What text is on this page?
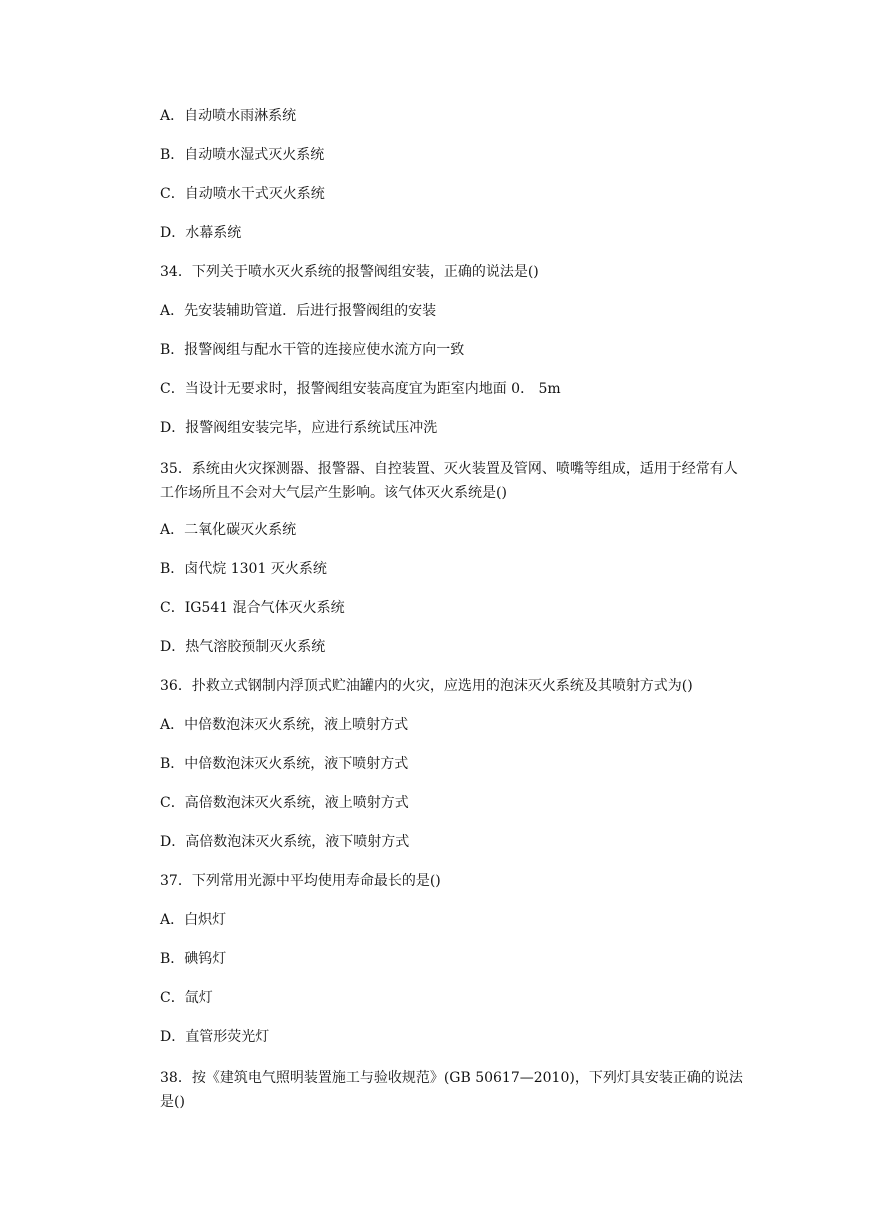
A．自动喷水雨淋系统
B．自动喷水湿式灭火系统
C．自动喷水干式灭火系统
D．水幕系统
34．下列关于喷水灭火系统的报警阀组安装，正确的说法是()
A．先安装辅助管道．后进行报警阀组的安装
B．报警阀组与配水干管的连接应使水流方向一致
C．当设计无要求时，报警阀组安装高度宜为距室内地面 0． 5m
D．报警阀组安装完毕，应进行系统试压冲洗
35．系统由火灾探测器、报警器、自控装置、灭火装置及管网、喷嘴等组成，适用于经常有人工作场所且不会对大气层产生影响。该气体灭火系统是()
A．二氧化碳灭火系统
B．卤代烷 1301 灭火系统
C．IG541 混合气体灭火系统
D．热气溶胶预制灭火系统
36．扑救立式钢制内浮顶式贮油罐内的火灾，应选用的泡沫灭火系统及其喷射方式为()
A．中倍数泡沫灭火系统，液上喷射方式
B．中倍数泡沫灭火系统，液下喷射方式
C．高倍数泡沫灭火系统，液上喷射方式
D．高倍数泡沫灭火系统，液下喷射方式
37．下列常用光源中平均使用寿命最长的是()
A．白炽灯
B．碘钨灯
C．氙灯
D．直管形荧光灯
38．按《建筑电气照明装置施工与验收规范》(GB 50617—2010)，下列灯具安装正确的说法是()
